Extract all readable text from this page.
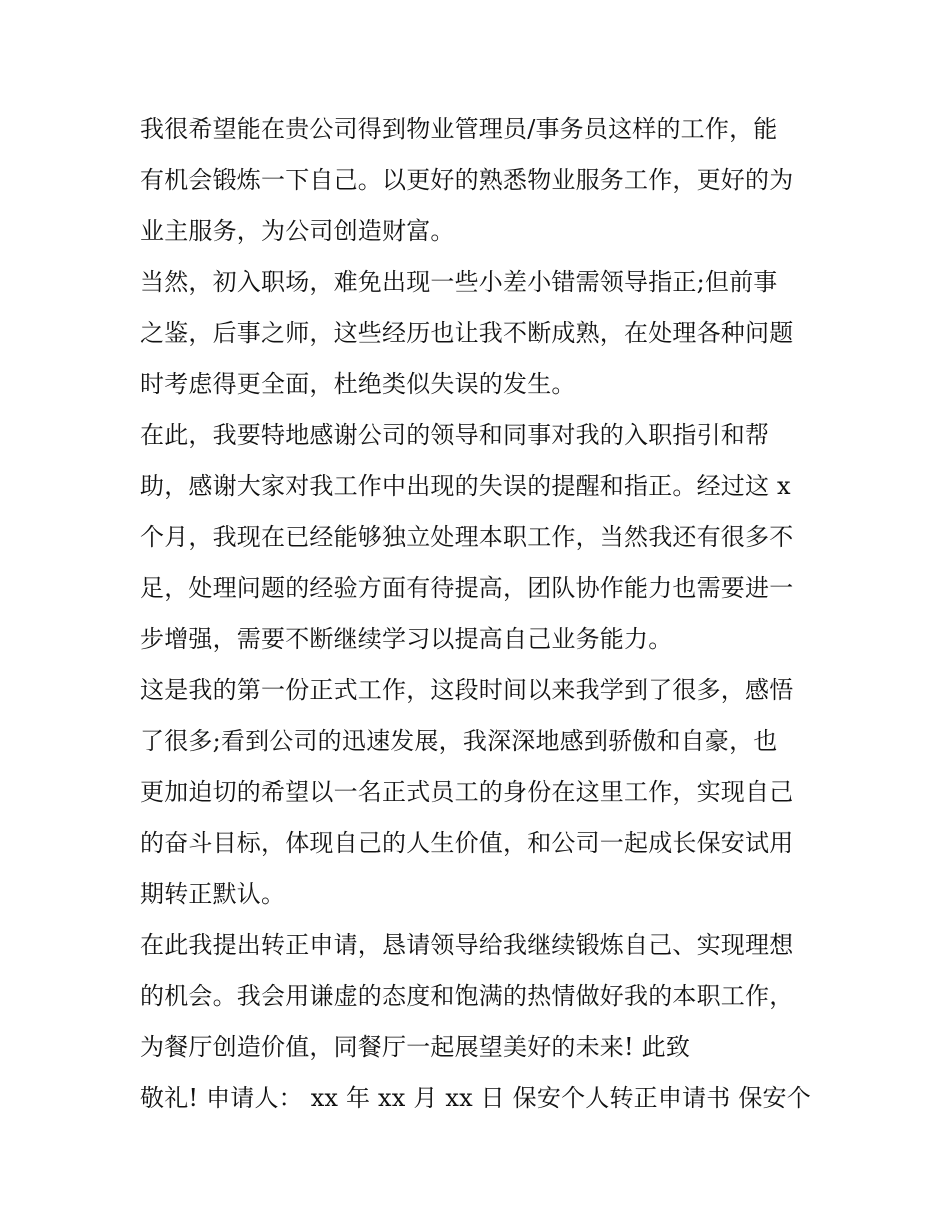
我很希望能在贵公司得到物业管理员/事务员这样的工作，能
有机会锻炼一下自己。以更好的熟悉物业服务工作，更好的为
业主服务，为公司创造财富。
当然，初入职场，难免出现一些小差小错需领导指正;但前事
之鉴，后事之师，这些经历也让我不断成熟，在处理各种问题
时考虑得更全面，杜绝类似失误的发生。
在此，我要特地感谢公司的领导和同事对我的入职指引和帮
助，感谢大家对我工作中出现的失误的提醒和指正。经过这 x
个月，我现在已经能够独立处理本职工作，当然我还有很多不
足，处理问题的经验方面有待提高，团队协作能力也需要进一
步增强，需要不断继续学习以提高自己业务能力。
这是我的第一份正式工作，这段时间以来我学到了很多，感悟
了很多;看到公司的迅速发展，我深深地感到骄傲和自豪，也
更加迫切的希望以一名正式员工的身份在这里工作，实现自己
的奋斗目标，体现自己的人生价值，和公司一起成长保安试用
期转正默认。
在此我提出转正申请，恳请领导给我继续锻炼自己、实现理想
的机会。我会用谦虚的态度和饱满的热情做好我的本职工作，
为餐厅创造价值，同餐厅一起展望美好的未来! 此致
敬礼! 申请人： xx 年 xx 月 xx 日 保安个人转正申请书 保安个
